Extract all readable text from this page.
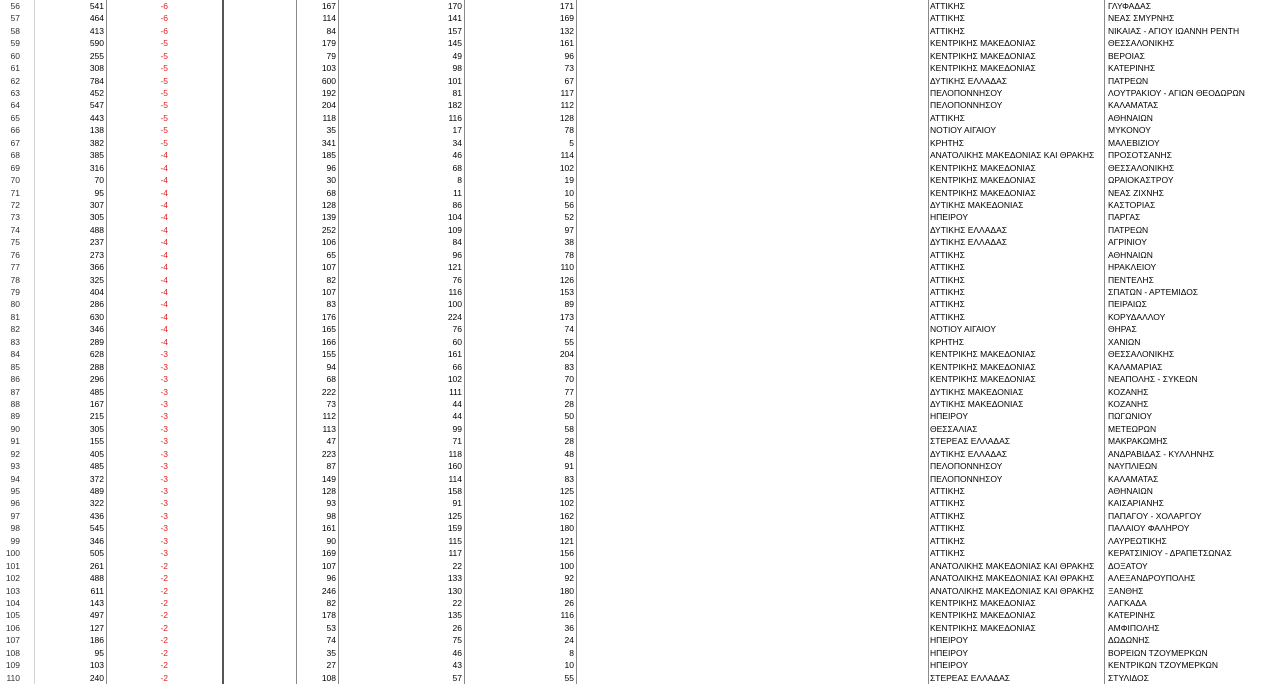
56	541	-6	167	170	171	ΑΤΤΙΚΗΣ	ΓΛΥΦΑΔΑΣ
57	464	-6	114	141	169	ΑΤΤΙΚΗΣ	ΝΕΑΣ ΣΜΥΡΝΗΣ
58	413	-6	84	157	132	ΑΤΤΙΚΗΣ	ΝΙΚΑΙΑΣ - ΑΓΙΟΥ ΙΩΑΝΝΗ ΡΕΝΤΗ
59	590	-5	179	145	161	ΚΕΝΤΡΙΚΗΣ ΜΑΚΕΔΟΝΙΑΣ	ΘΕΣΣΑΛΟΝΙΚΗΣ
60	255	-5	79	49	96	ΚΕΝΤΡΙΚΗΣ ΜΑΚΕΔΟΝΙΑΣ	ΒΕΡΟΙΑΣ
61	308	-5	103	98	73	ΚΕΝΤΡΙΚΗΣ ΜΑΚΕΔΟΝΙΑΣ	ΚΑΤΕΡΙΝΗΣ
62	784	-5	600	101	67	ΔΥΤΙΚΗΣ ΕΛΛΑΔΑΣ	ΠΑΤΡΕΩΝ
63	452	-5	192	81	117	ΠΕΛΟΠΟΝΝΗΣΟΥ	ΛΟΥΤΡΑΚΙΟΥ - ΑΓΙΩΝ ΘΕΟΔΩΡΩΝ
64	547	-5	204	182	112	ΠΕΛΟΠΟΝΝΗΣΟΥ	ΚΑΛΑΜΑΤΑΣ
65	443	-5	118	116	128	ΑΤΤΙΚΗΣ	ΑΘΗΝΑΙΩΝ
66	138	-5	35	17	78	ΝΟΤΙΟΥ ΑΙΓΑΙΟΥ	ΜΥΚΟΝΟΥ
67	382	-5	341	34	5	ΚΡΗΤΗΣ	ΜΑΛΕΒΙΖΙΟΥ
68	385	-4	185	46	114	ΑΝΑΤΟΛΙΚΗΣ ΜΑΚΕΔΟΝΙΑΣ ΚΑΙ ΘΡΑΚΗΣ	ΠΡΟΣΟΤΣΑΝΗΣ
69	316	-4	96	68	102	ΚΕΝΤΡΙΚΗΣ ΜΑΚΕΔΟΝΙΑΣ	ΘΕΣΣΑΛΟΝΙΚΗΣ
70	70	-4	30	8	19	ΚΕΝΤΡΙΚΗΣ ΜΑΚΕΔΟΝΙΑΣ	ΩΡΑΙΟΚΑΣΤΡΟΥ
71	95	-4	68	11	10	ΚΕΝΤΡΙΚΗΣ ΜΑΚΕΔΟΝΙΑΣ	ΝΕΑΣ ΖΙΧΝΗΣ
72	307	-4	128	86	56	ΔΥΤΙΚΗΣ ΜΑΚΕΔΟΝΙΑΣ	ΚΑΣΤΟΡΙΑΣ
73	305	-4	139	104	52	ΗΠΕΙΡΟΥ	ΠΑΡΓΑΣ
74	488	-4	252	109	97	ΔΥΤΙΚΗΣ ΕΛΛΑΔΑΣ	ΠΑΤΡΕΩΝ
75	237	-4	106	84	38	ΔΥΤΙΚΗΣ ΕΛΛΑΔΑΣ	ΑΓΡΙΝΙΟΥ
76	273	-4	65	96	78	ΑΤΤΙΚΗΣ	ΑΘΗΝΑΙΩΝ
77	366	-4	107	121	110	ΑΤΤΙΚΗΣ	ΗΡΑΚΛΕΙΟΥ
78	325	-4	82	76	126	ΑΤΤΙΚΗΣ	ΠΕΝΤΕΛΗΣ
79	404	-4	107	116	153	ΑΤΤΙΚΗΣ	ΣΠΑΤΩΝ - ΑΡΤΕΜΙΔΟΣ
80	286	-4	83	100	89	ΑΤΤΙΚΗΣ	ΠΕΙΡΑΙΩΣ
81	630	-4	176	224	173	ΑΤΤΙΚΗΣ	ΚΟΡΥΔΑΛΛΟΥ
82	346	-4	165	76	74	ΝΟΤΙΟΥ ΑΙΓΑΙΟΥ	ΘΗΡΑΣ
83	289	-4	166	60	55	ΚΡΗΤΗΣ	ΧΑΝΙΩΝ
84	628	-3	155	161	204	ΚΕΝΤΡΙΚΗΣ ΜΑΚΕΔΟΝΙΑΣ	ΘΕΣΣΑΛΟΝΙΚΗΣ
85	288	-3	94	66	83	ΚΕΝΤΡΙΚΗΣ ΜΑΚΕΔΟΝΙΑΣ	ΚΑΛΑΜΑΡΙΑΣ
86	296	-3	68	102	70	ΚΕΝΤΡΙΚΗΣ ΜΑΚΕΔΟΝΙΑΣ	ΝΕΑΠΟΛΗΣ - ΣΥΚΕΩΝ
87	485	-3	222	111	77	ΔΥΤΙΚΗΣ ΜΑΚΕΔΟΝΙΑΣ	ΚΟΖΑΝΗΣ
88	167	-3	73	44	28	ΔΥΤΙΚΗΣ ΜΑΚΕΔΟΝΙΑΣ	ΚΟΖΑΝΗΣ
89	215	-3	112	44	50	ΗΠΕΙΡΟΥ	ΠΩΓΩΝΙΟΥ
90	305	-3	113	99	58	ΘΕΣΣΑΛΙΑΣ	ΜΕΤΕΩΡΩΝ
91	155	-3	47	71	28	ΣΤΕΡΕΑΣ ΕΛΛΑΔΑΣ	ΜΑΚΡΑΚΩΜΗΣ
92	405	-3	223	118	48	ΔΥΤΙΚΗΣ ΕΛΛΑΔΑΣ	ΑΝΔΡΑΒΙΔΑΣ - ΚΥΛΛΗΝΗΣ
93	485	-3	87	160	91	ΠΕΛΟΠΟΝΝΗΣΟΥ	ΝΑΥΠΛΙΕΩΝ
94	372	-3	149	114	83	ΠΕΛΟΠΟΝΝΗΣΟΥ	ΚΑΛΑΜΑΤΑΣ
95	489	-3	128	158	125	ΑΤΤΙΚΗΣ	ΑΘΗΝΑΙΩΝ
96	322	-3	93	91	102	ΑΤΤΙΚΗΣ	ΚΑΙΣΑΡΙΑΝΗΣ
97	436	-3	98	125	162	ΑΤΤΙΚΗΣ	ΠΑΠΑΓΟΥ - ΧΟΛΑΡΓΟΥ
98	545	-3	161	159	180	ΑΤΤΙΚΗΣ	ΠΑΛΑΙΟΥ ΦΑΛΗΡΟΥ
99	346	-3	90	115	121	ΑΤΤΙΚΗΣ	ΛΑΥΡΕΩΤΙΚΗΣ
100	505	-3	169	117	156	ΑΤΤΙΚΗΣ	ΚΕΡΑΤΣΙΝΙΟΥ - ΔΡΑΠΕΤΣΩΝΑΣ
101	261	-2	107	22	100	ΑΝΑΤΟΛΙΚΗΣ ΜΑΚΕΔΟΝΙΑΣ ΚΑΙ ΘΡΑΚΗΣ	ΔΟΞΑΤΟΥ
102	488	-2	96	133	92	ΑΝΑΤΟΛΙΚΗΣ ΜΑΚΕΔΟΝΙΑΣ ΚΑΙ ΘΡΑΚΗΣ	ΑΛΕΞΑΝΔΡΟΥΠΟΛΗΣ
103	611	-2	246	130	180	ΑΝΑΤΟΛΙΚΗΣ ΜΑΚΕΔΟΝΙΑΣ ΚΑΙ ΘΡΑΚΗΣ	ΞΑΝΘΗΣ
104	143	-2	82	22	26	ΚΕΝΤΡΙΚΗΣ ΜΑΚΕΔΟΝΙΑΣ	ΛΑΓΚΑΔΑ
105	497	-2	178	135	116	ΚΕΝΤΡΙΚΗΣ ΜΑΚΕΔΟΝΙΑΣ	ΚΑΤΕΡΙΝΗΣ
106	127	-2	53	26	36	ΚΕΝΤΡΙΚΗΣ ΜΑΚΕΔΟΝΙΑΣ	ΑΜΦΙΠΟΛΗΣ
107	186	-2	74	75	24	ΗΠΕΙΡΟΥ	ΔΩΔΩΝΗΣ
108	95	-2	35	46	8	ΗΠΕΙΡΟΥ	ΒΟΡΕΙΩΝ ΤΖΟΥΜΕΡΚΩΝ
109	103	-2	27	43	10	ΗΠΕΙΡΟΥ	ΚΕΝΤΡΙΚΩΝ ΤΖΟΥΜΕΡΚΩΝ
110	240	-2	108	57	55	ΣΤΕΡΕΑΣ ΕΛΛΑΔΑΣ	ΣΤΥΛΙΔΟΣ
